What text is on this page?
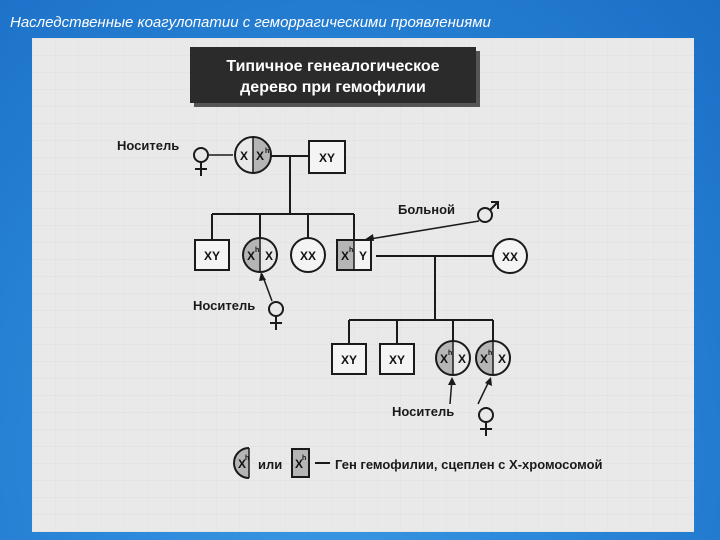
Наследственные коагулопатии с геморрагическими проявлениями
Типичное генеалогическое
дерево при гемофилии
Носитель
X X h	XY
Больной
XY X h X XX X h Y	XX
Носитель
XY	XY	X h X X h X
Носитель
X
h или X
h Ген гемофилии, сцеплен с X-хромосомой
